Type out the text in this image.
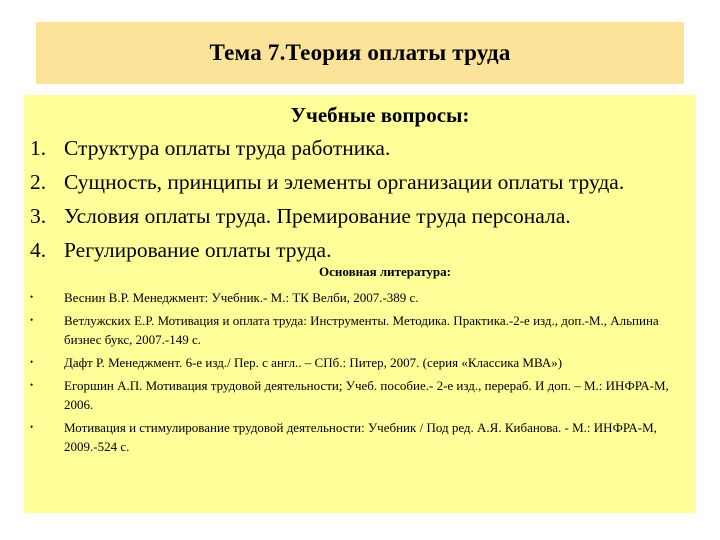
Тема 7.Теория оплаты труда
Учебные вопросы:
1. Структура оплаты труда работника.
2. Сущность, принципы и элементы организации оплаты труда.
3. Условия оплаты труда. Премирование труда персонала.
4. Регулирование оплаты труда.
Основная литература:
•	Веснин В.Р. Менеджмент: Учебник.- М.: ТК Велби, 2007.-389 с.
•	Ветлужских Е.Р. Мотивация и оплата труда: Инструменты. Методика. Практика.-2-е изд., доп.-М., Альпина бизнес букс, 2007.-149 с.
•	Дафт Р. Менеджмент. 6-е изд./ Пер. с англ.. – СПб.: Питер, 2007. (серия «Классика МВА»)
•	Егоршин А.П. Мотивация трудовой деятельности; Учеб. пособие.- 2-е изд., перераб. И доп. – М.: ИНФРА-М, 2006.
•	Мотивация и стимулирование трудовой деятельности: Учебник / Под ред. А.Я. Кибанова. - М.: ИНФРА-М, 2009.-524 с.
